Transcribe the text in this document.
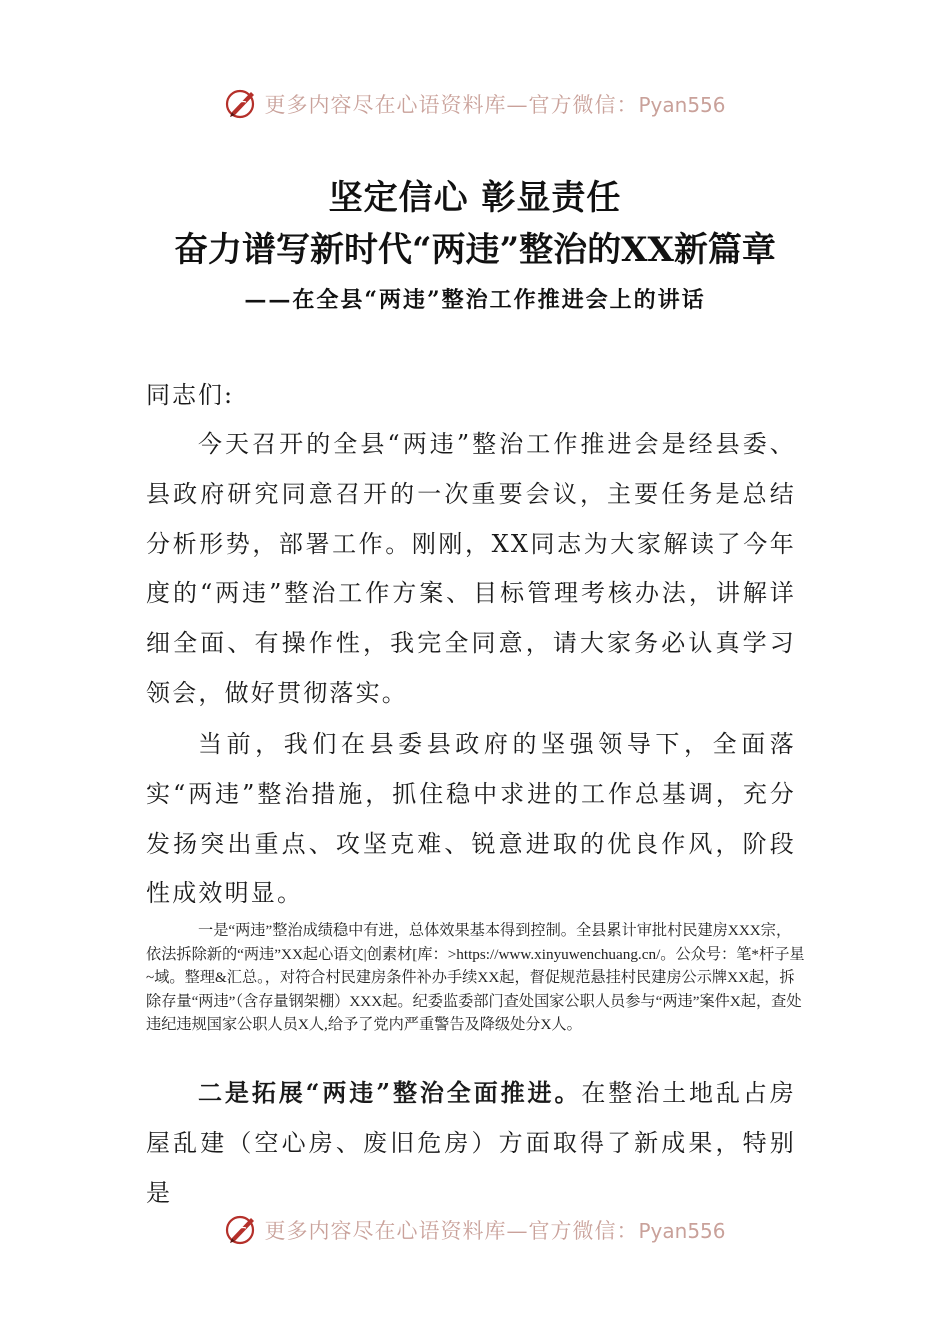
更多内容尽在心语资料库—官方微信：Pyan556
坚定信心 彰显责任
奋力谱写新时代“两违”整治的XX新篇章
——在全县“两违”整治工作推进会上的讲话
同志们:

今天召开的全县“两违”整治工作推进会是经县委、县政府研究同意召开的一次重要会议，主要任务是总结分析形势，部署工作。刚刚，XX同志为大家解读了今年度的“两违”整治工作方案、目标管理考核办法，讲解详细全面、有操作性，我完全同意，请大家务必认真学习领会，做好贯彻落实。

当前，我们在县委县政府的坚强领导下，全面落实“两违”整治措施，抓住稳中求进的工作总基调，充分发扬突出重点、攻坚克难、锐意进取的优良作风，阶段性成效明显。

一是“两违”整治成绩稳中有进，总体效果基本得到控制。全县累计审批村民建房XXX宗，依法拆除新的“两违”XX起心语文|创素材[库：>https://www.xinyuwenchuang.cn/。公众号：笔*杆子星~域。整理&汇总。，对符合村民建房条件补办手续XX起，督促规范悬挂村民建房公示牌XX起，拆除存量“两违”（含存量钢架棚）XXX起。纪委监委部门查处国家公职人员参与“两违”案件X起，查处违纪违规国家公职人员X人,给予了党内严重警告及降级处分X人。

二是拓展“两违”整治全面推进。在整治土地乱占房屋乱建（空心房、废旧危房）方面取得了新成果，特别是

更多内容尽在心语资料库—官方微信：Pyan556
